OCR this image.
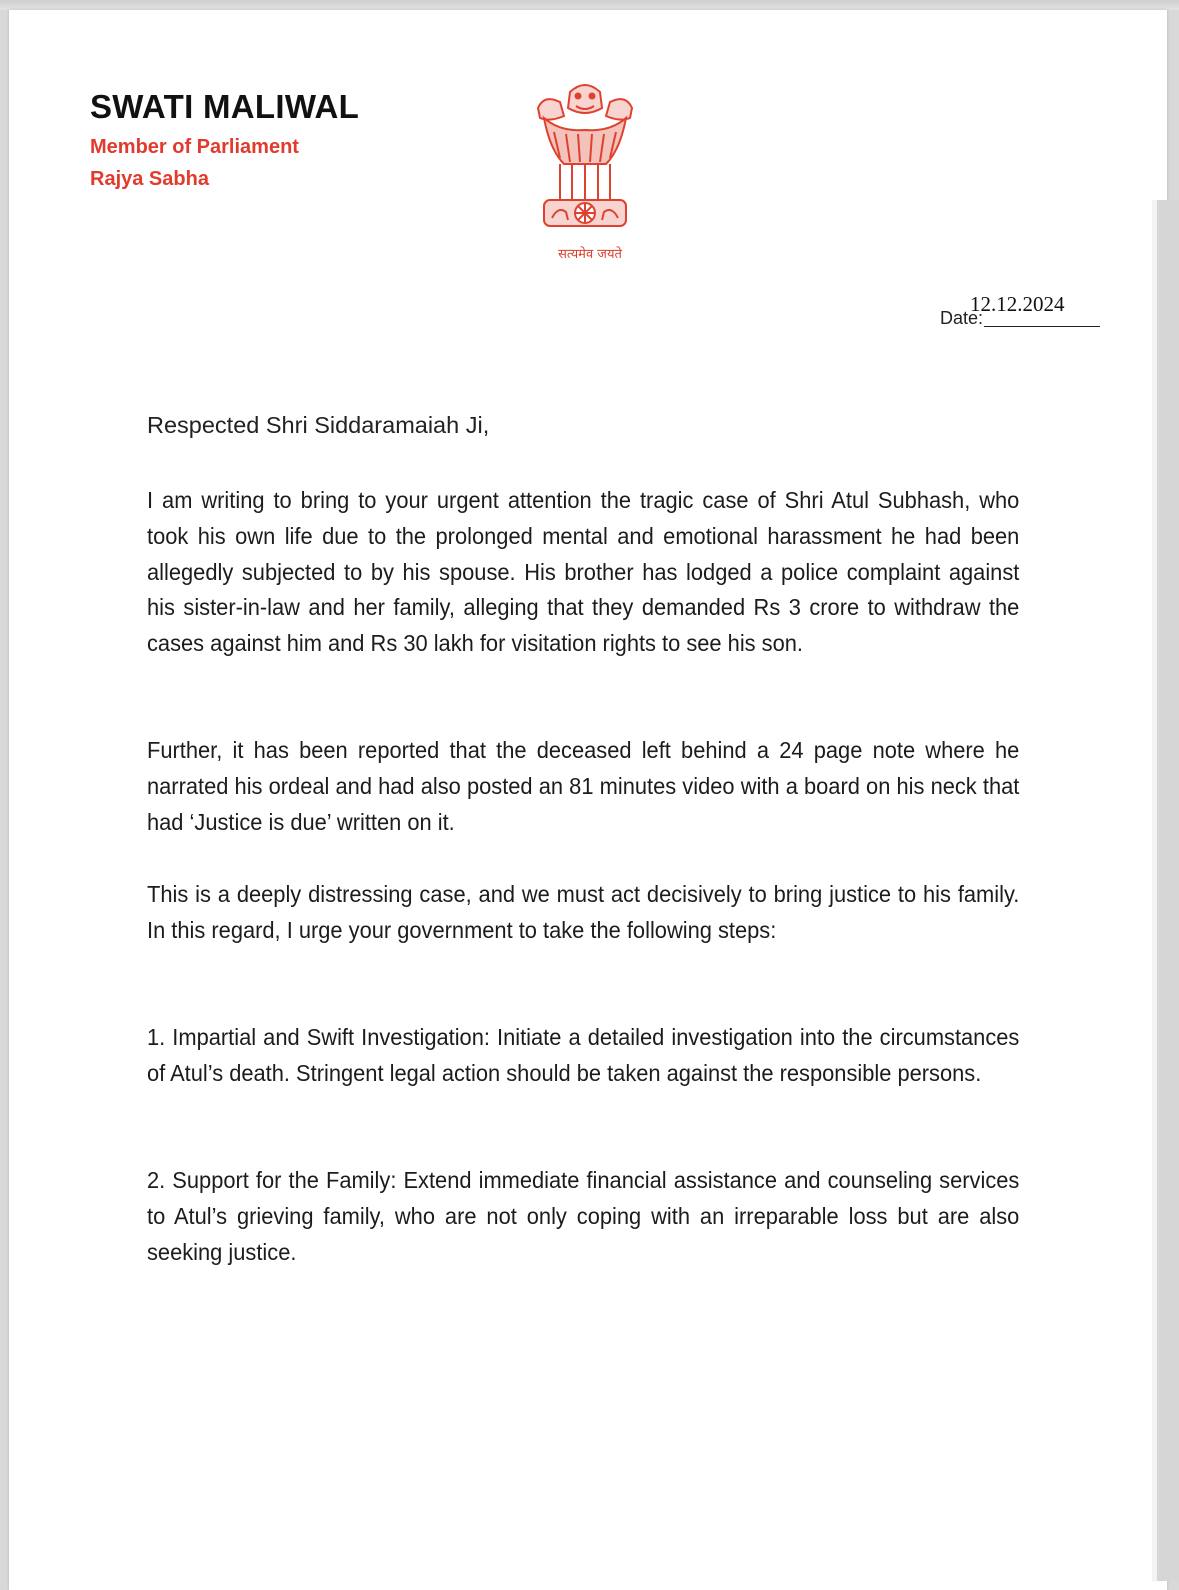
SWATI MALIWAL
Member of Parliament
Rajya Sabha
सत्यमेव जयते
12.12.2024
Date:
Respected Shri Siddaramaiah Ji,
I am writing to bring to your urgent attention the tragic case of Shri Atul Subhash, who took his own life due to the prolonged mental and emotional harassment he had been allegedly subjected to by his spouse. His brother has lodged a police complaint against his sister-in-law and her family, alleging that they demanded Rs 3 crore to withdraw the cases against him and Rs 30 lakh for visitation rights to see his son.
Further, it has been reported that the deceased left behind a 24 page note where he narrated his ordeal and had also posted an 81 minutes video with a board on his neck that had ‘Justice is due’ written on it.
This is a deeply distressing case, and we must act decisively to bring justice to his family. In this regard, I urge your government to take the following steps:
1. Impartial and Swift Investigation: Initiate a detailed investigation into the circumstances of Atul’s death. Stringent legal action should be taken against the responsible persons.
2. Support for the Family: Extend immediate financial assistance and counseling services to Atul’s grieving family, who are not only coping with an irreparable loss but are also seeking justice.
